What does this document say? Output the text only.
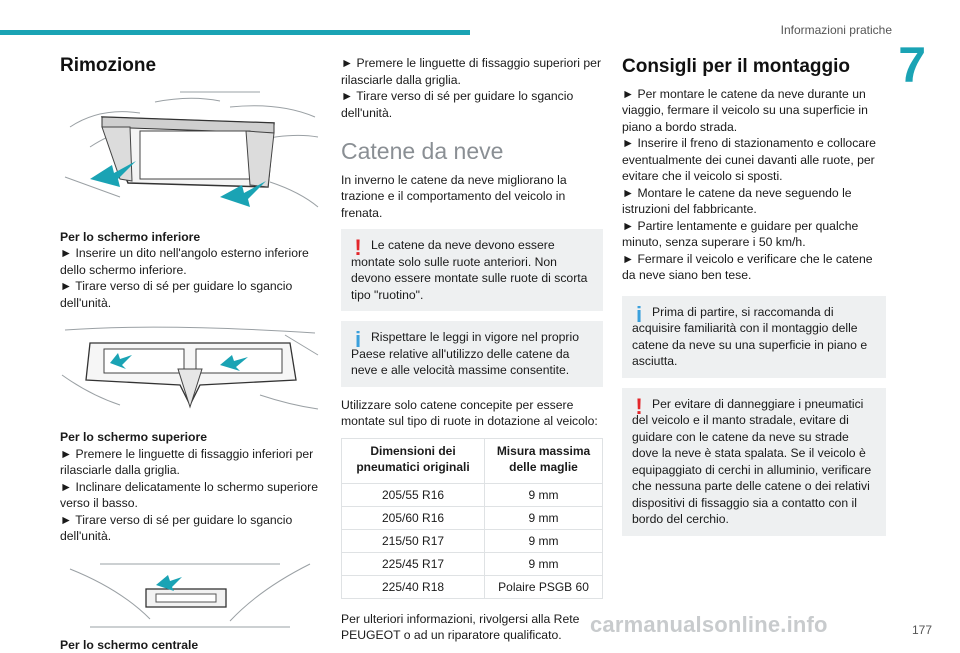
Informazioni pratiche
7
Rimozione

Per lo schermo inferiore

► Inserire un dito nell'angolo esterno inferiore dello schermo inferiore.

► Tirare verso di sé per guidare lo sgancio dell'unità.

Per lo schermo superiore

► Premere le linguette di fissaggio inferiori per rilasciarle dalla griglia.

► Inclinare delicatamente lo schermo superiore verso il basso.

► Tirare verso di sé per guidare lo sgancio dell'unità.

Per lo schermo centrale

► Premere le linguette di fissaggio superiori per rilasciarle dalla griglia.

► Tirare verso di sé per guidare lo sgancio dell'unità.

Catene da neve

In inverno le catene da neve migliorano la trazione e il comportamento del veicolo in frenata.

! Le catene da neve devono essere montate solo sulle ruote anteriori. Non devono essere montate sulle ruote di scorta tipo "ruotino".

i Rispettare le leggi in vigore nel proprio Paese relative all'utilizzo delle catene da neve e alle velocità massime consentite.

Utilizzare solo catene concepite per essere montate sul tipo di ruote in dotazione al veicolo:

Dimensioni dei pneumatici originali	Misura massima delle maglie
205/55 R16	9 mm
205/60 R16	9 mm
215/50 R17	9 mm
225/45 R17	9 mm
225/40 R18	Polaire PSGB 60

Per ulteriori informazioni, rivolgersi alla Rete PEUGEOT o ad un riparatore qualificato.

Consigli per il montaggio

► Per montare le catene da neve durante un viaggio, fermare il veicolo su una superficie in piano a bordo strada.

► Inserire il freno di stazionamento e collocare eventualmente dei cunei davanti alle ruote, per evitare che il veicolo si sposti.

► Montare le catene da neve seguendo le istruzioni del fabbricante.

► Partire lentamente e guidare per qualche minuto, senza superare i 50 km/h.

► Fermare il veicolo e verificare che le catene da neve siano ben tese.

i Prima di partire, si raccomanda di acquisire familiarità con il montaggio delle catene da neve su una superficie in piano e asciutta.

! Per evitare di danneggiare i pneumatici del veicolo e il manto stradale, evitare di guidare con le catene da neve su strade dove la neve è stata spalata. Se il veicolo è equipaggiato di cerchi in alluminio, verificare che nessuna parte delle catene o dei relativi dispositivi di fissaggio sia a contatto con il bordo del cerchio.

carmanualsonline.info	177
